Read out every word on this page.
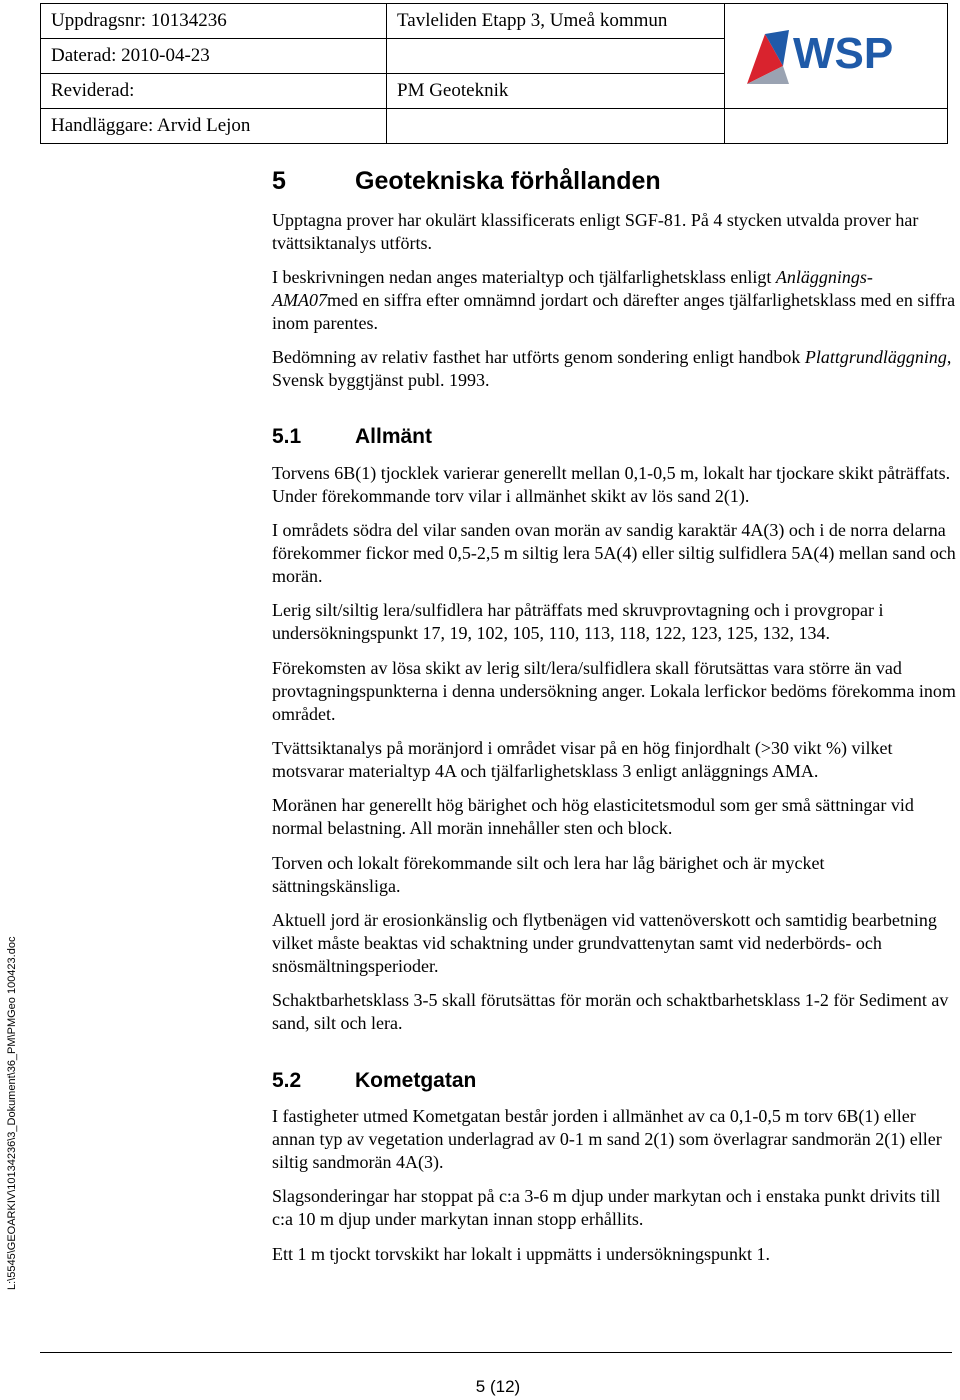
Uppdragsnr: 10134236	Tavleliden Etapp 3, Umeå kommun	WSP

Daterad: 2010-04-23		
Reviderad:	PM Geoteknik	
Handläggare: Arvid Lejon		
L:\5545\GEOARKIV\10134236\3_Dokument\36_PM\PMGeo 100423.doc
5	Geotekniska förhållanden
Upptagna prover har okulärt klassificerats enligt SGF-81. På 4 stycken utvalda prover har tvättsiktanalys utförts.
I beskrivningen nedan anges materialtyp och tjälfarlighetsklass enligt Anläggnings-AMA07med en siffra efter omnämnd jordart och därefter anges tjälfarlighetsklass med en siffra inom parentes.
Bedömning av relativ fasthet har utförts genom sondering enligt handbok Plattgrundläggning, Svensk byggtjänst publ. 1993.
5.1	Allmänt
Torvens 6B(1) tjocklek varierar generellt mellan 0,1-0,5 m, lokalt har tjockare skikt påträffats. Under förekommande torv vilar i allmänhet skikt av lös sand 2(1).
I områdets södra del vilar sanden ovan morän av sandig karaktär 4A(3) och i de norra delarna förekommer fickor med 0,5-2,5 m siltig lera 5A(4) eller siltig sulfidlera 5A(4) mellan sand och morän.
Lerig silt/siltig lera/sulfidlera har påträffats med skruvprovtagning och i provgropar i undersökningspunkt 17, 19, 102, 105, 110, 113, 118, 122, 123, 125, 132, 134.
Förekomsten av lösa skikt av lerig silt/lera/sulfidlera skall förutsättas vara större än vad provtagningspunkterna i denna undersökning anger. Lokala lerfickor bedöms förekomma inom området.
Tvättsiktanalys på moränjord i området visar på en hög finjordhalt (>30 vikt %) vilket motsvarar materialtyp 4A och tjälfarlighetsklass 3 enligt anläggnings AMA.
Moränen har generellt hög bärighet och hög elasticitetsmodul som ger små sättningar vid normal belastning. All morän innehåller sten och block.
Torven och lokalt förekommande silt och lera har låg bärighet och är mycket sättningskänsliga.
Aktuell jord är erosionkänslig och flytbenägen vid vattenöverskott och samtidig bearbetning vilket måste beaktas vid schaktning under grundvattenytan samt vid nederbörds- och snösmältningsperioder.
Schaktbarhetsklass 3-5 skall förutsättas för morän och schaktbarhetsklass 1-2 för Sediment av sand, silt och lera.
5.2	Kometgatan
I fastigheter utmed Kometgatan består jorden i allmänhet av ca 0,1-0,5 m torv 6B(1) eller annan typ av vegetation underlagrad av 0-1 m sand 2(1) som överlagrar sandmorän 2(1) eller siltig sandmorän 4A(3).
Slagsonderingar har stoppat på c:a 3-6 m djup under markytan och i enstaka punkt drivits till c:a 10 m djup under markytan innan stopp erhållits.
Ett 1 m tjockt torvskikt har lokalt i uppmätts i undersökningspunkt 1.
5 (12)
